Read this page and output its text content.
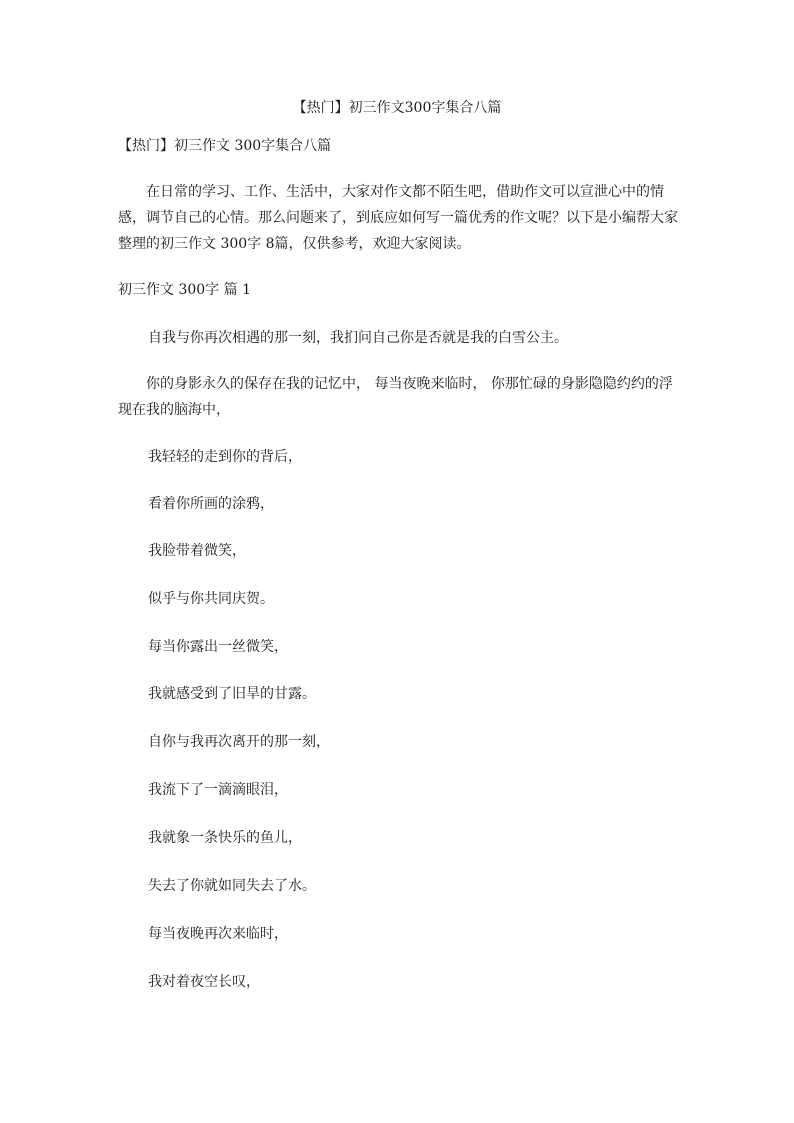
【热门】初三作文300字集合八篇
【热门】初三作文 300字集合八篇

在日常的学习、工作、生活中，大家对作文都不陌生吧，借助作文可以宣泄心中的情感，调节自己的心情。那么问题来了，到底应如何写一篇优秀的作文呢？以下是小编帮大家整理的初三作文 300字 8篇，仅供参考，欢迎大家阅读。

初三作文 300字 篇 1
自我与你再次相遇的那一刻，我扪问自己你是否就是我的白雪公主。

你的身影永久的保存在我的记忆中， 每当夜晚来临时， 你那忙碌的身影隐隐约约的浮现在我的脑海中，

我轻轻的走到你的背后，
看着你所画的涂鸦，
我脸带着微笑，
似乎与你共同庆贺。
每当你露出一丝微笑，
我就感受到了旧旱的甘露。
自你与我再次离开的那一刻，
我流下了一滴滴眼泪，
我就象一条快乐的鱼儿，
失去了你就如同失去了水。
每当夜晚再次来临时，
我对着夜空长叹，
